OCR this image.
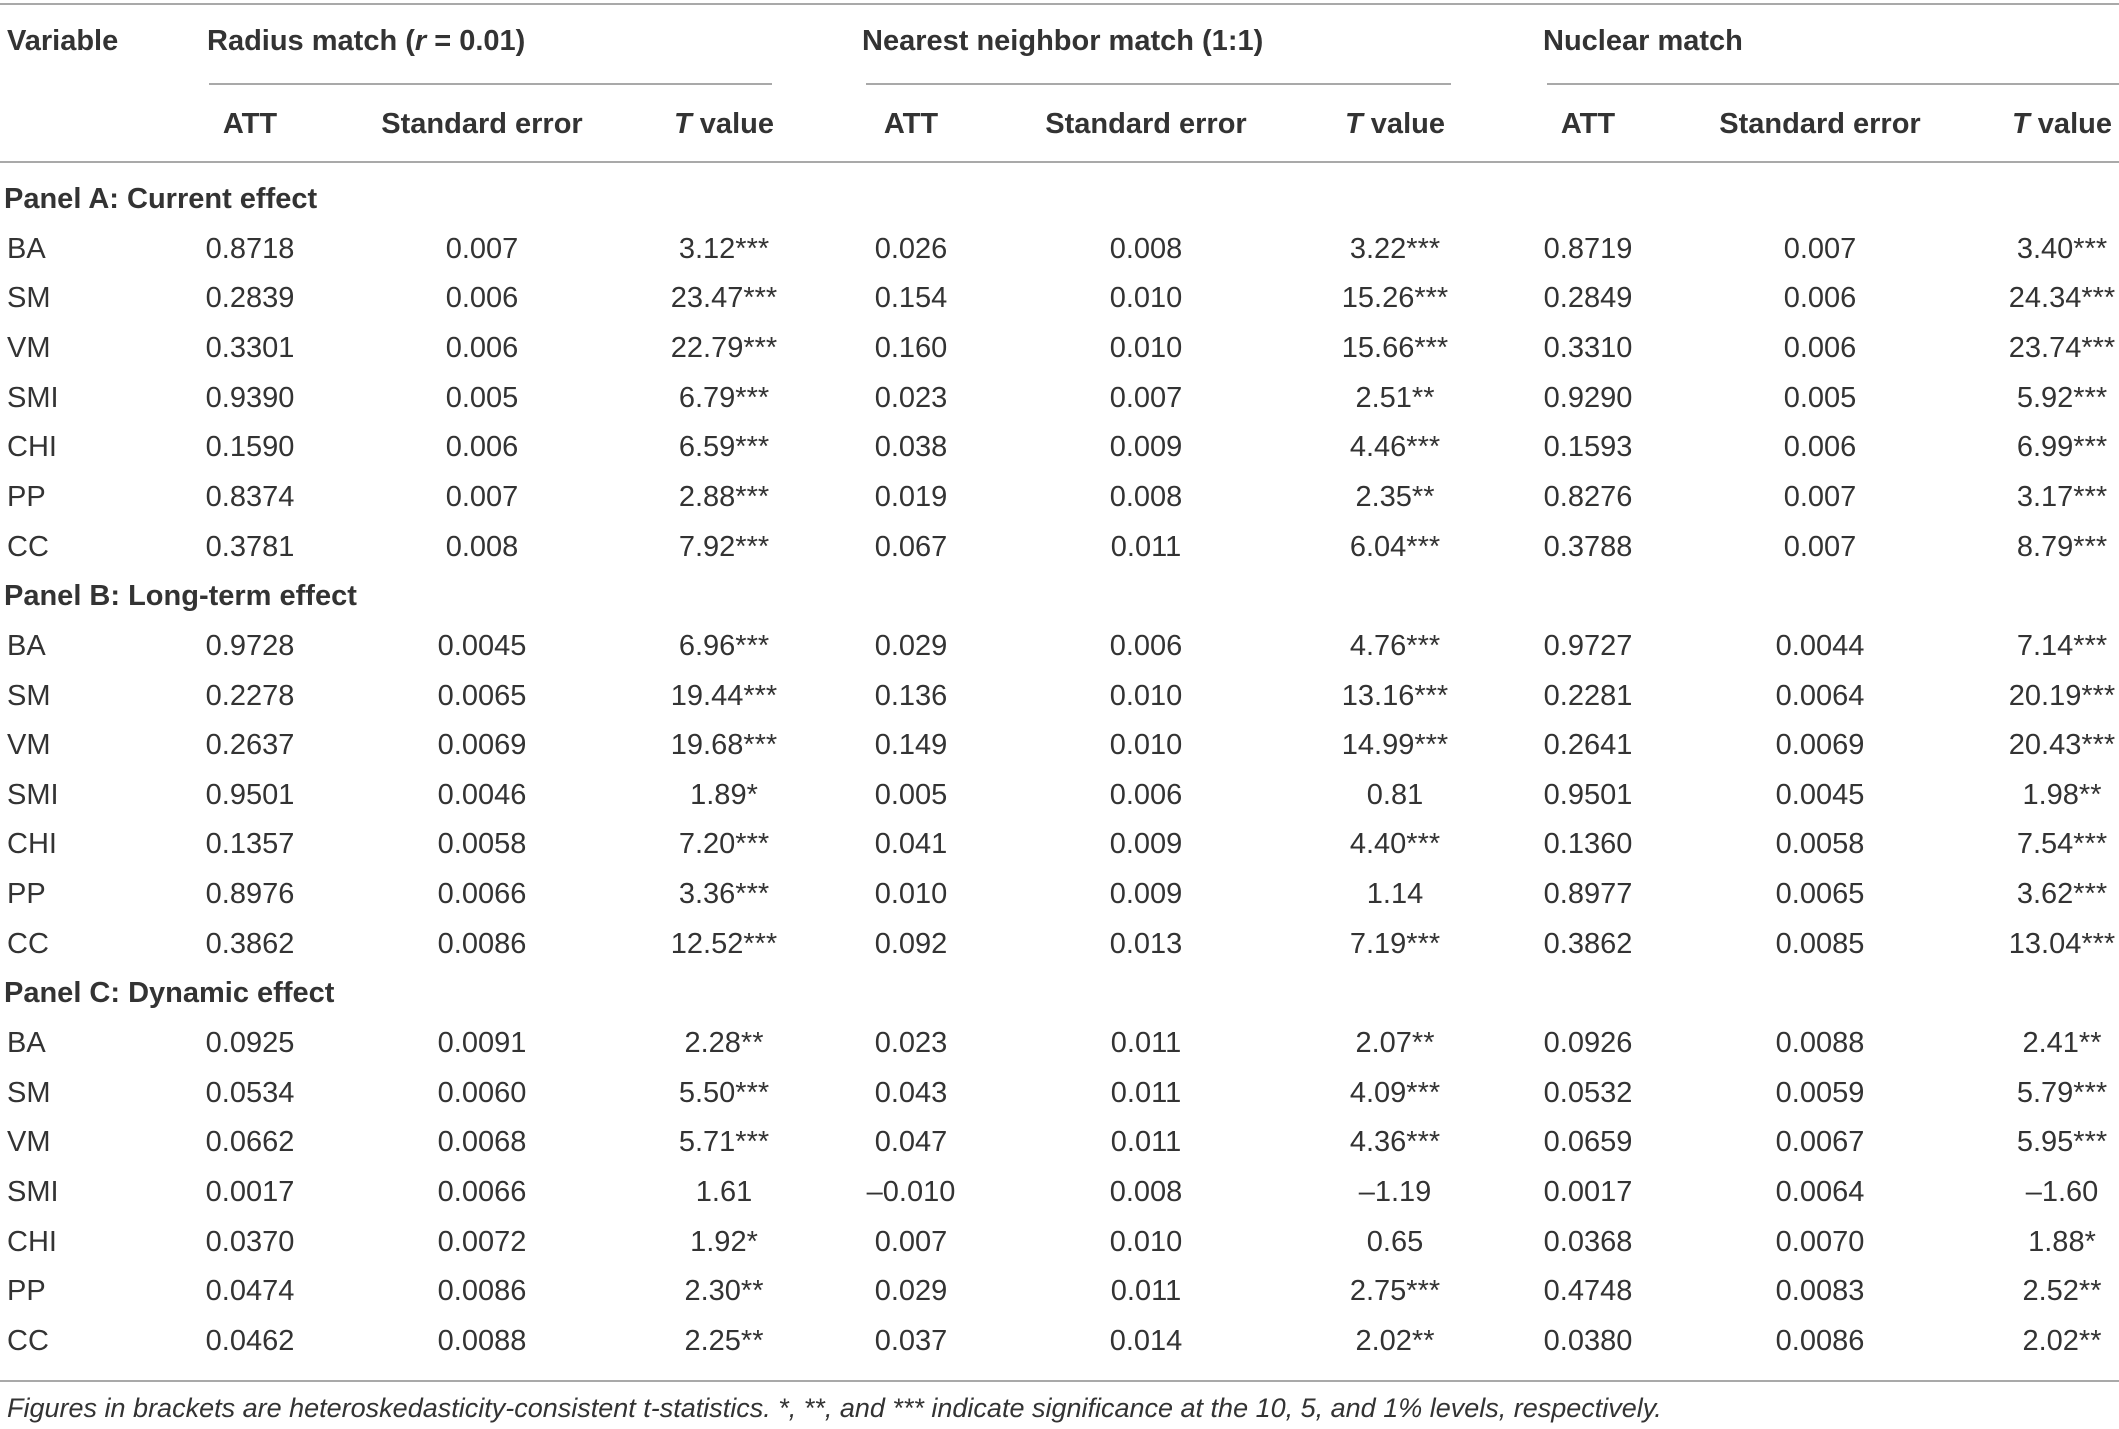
Variable	Radius match (r = 0.01)	Nearest neighbor match (1:1)	Nuclear match
ATT	Standard error	T value	ATT	Standard error	T value	ATT	Standard error	T value
Panel A: Current effect
BA	0.8718	0.007	3.12***	0.026	0.008	3.22***	0.8719	0.007	3.40***
SM	0.2839	0.006	23.47***	0.154	0.010	15.26***	0.2849	0.006	24.34***
VM	0.3301	0.006	22.79***	0.160	0.010	15.66***	0.3310	0.006	23.74***
SMI	0.9390	0.005	6.79***	0.023	0.007	2.51**	0.9290	0.005	5.92***
CHI	0.1590	0.006	6.59***	0.038	0.009	4.46***	0.1593	0.006	6.99***
PP	0.8374	0.007	2.88***	0.019	0.008	2.35**	0.8276	0.007	3.17***
CC	0.3781	0.008	7.92***	0.067	0.011	6.04***	0.3788	0.007	8.79***
Panel B: Long-term effect
BA	0.9728	0.0045	6.96***	0.029	0.006	4.76***	0.9727	0.0044	7.14***
SM	0.2278	0.0065	19.44***	0.136	0.010	13.16***	0.2281	0.0064	20.19***
VM	0.2637	0.0069	19.68***	0.149	0.010	14.99***	0.2641	0.0069	20.43***
SMI	0.9501	0.0046	1.89*	0.005	0.006	0.81	0.9501	0.0045	1.98**
CHI	0.1357	0.0058	7.20***	0.041	0.009	4.40***	0.1360	0.0058	7.54***
PP	0.8976	0.0066	3.36***	0.010	0.009	1.14	0.8977	0.0065	3.62***
CC	0.3862	0.0086	12.52***	0.092	0.013	7.19***	0.3862	0.0085	13.04***
Panel C: Dynamic effect
BA	0.0925	0.0091	2.28**	0.023	0.011	2.07**	0.0926	0.0088	2.41**
SM	0.0534	0.0060	5.50***	0.043	0.011	4.09***	0.0532	0.0059	5.79***
VM	0.0662	0.0068	5.71***	0.047	0.011	4.36***	0.0659	0.0067	5.95***
SMI	0.0017	0.0066	1.61	–0.010	0.008	–1.19	0.0017	0.0064	–1.60
CHI	0.0370	0.0072	1.92*	0.007	0.010	0.65	0.0368	0.0070	1.88*
PP	0.0474	0.0086	2.30**	0.029	0.011	2.75***	0.4748	0.0083	2.52**
CC	0.0462	0.0088	2.25**	0.037	0.014	2.02**	0.0380	0.0086	2.02**
Figures in brackets are heteroskedasticity-consistent t-statistics. *, **, and *** indicate significance at the 10, 5, and 1% levels, respectively.
